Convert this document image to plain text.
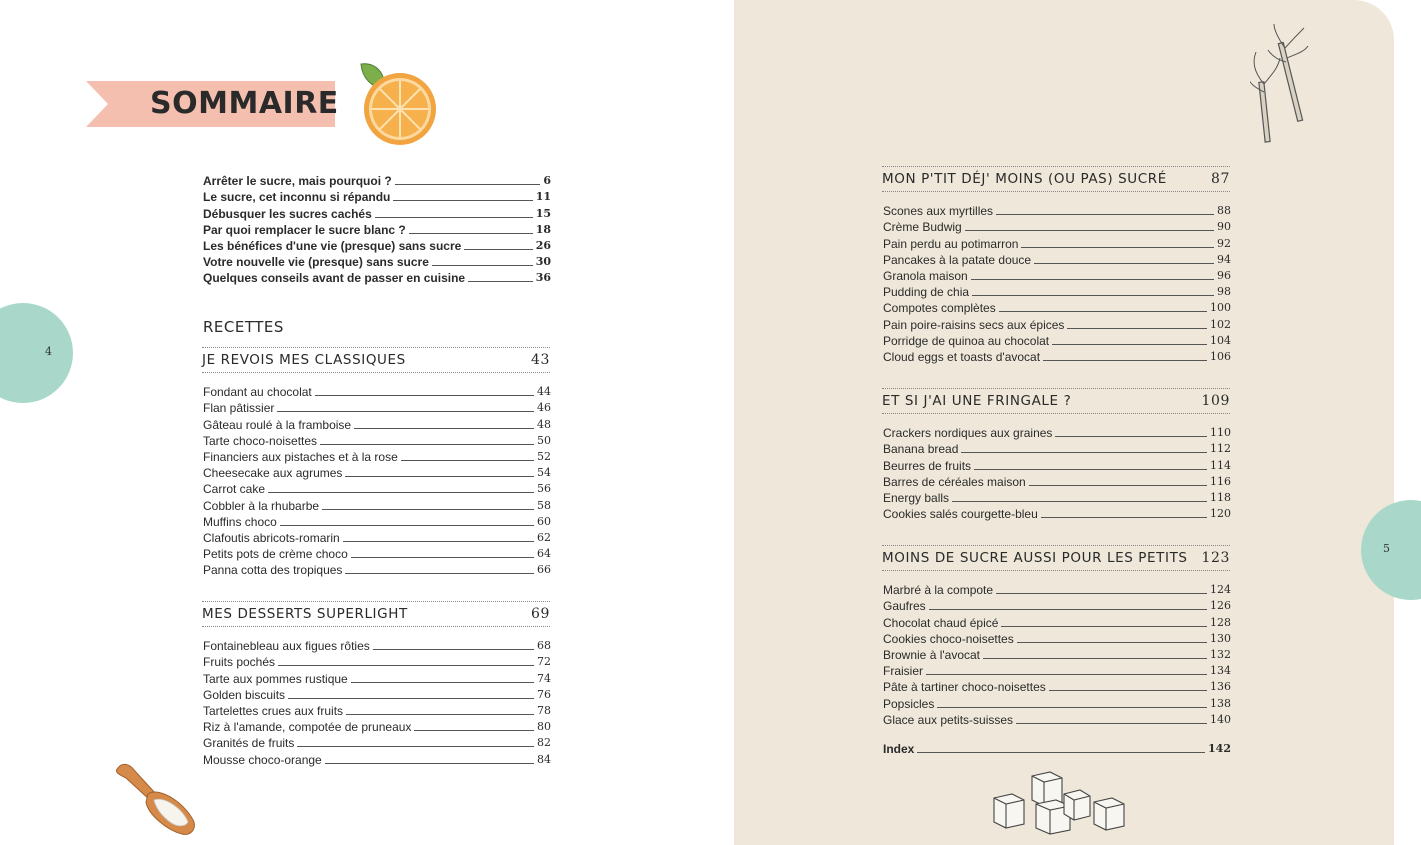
4
5
SOMMAIRE
Arrêter le sucre, mais pourquoi ?	6
Le sucre, cet inconnu si répandu	11
Débusquer les sucres cachés	15
Par quoi remplacer le sucre blanc ?	18
Les bénéfices d'une vie (presque) sans sucre	26
Votre nouvelle vie (presque) sans sucre	30
Quelques conseils avant de passer en cuisine	36
RECETTES
JE REVOIS MES CLASSIQUES	43
Fondant au chocolat	44
Flan pâtissier	46
Gâteau roulé à la framboise	48
Tarte choco-noisettes	50
Financiers aux pistaches et à la rose	52
Cheesecake aux agrumes	54
Carrot cake	56
Cobbler à la rhubarbe	58
Muffins choco	60
Clafoutis abricots-romarin	62
Petits pots de crème choco	64
Panna cotta des tropiques	66
MES DESSERTS SUPERLIGHT	69
Fontainebleau aux figues rôties	68
Fruits pochés	72
Tarte aux pommes rustique	74
Golden biscuits	76
Tartelettes crues aux fruits	78
Riz à l'amande, compotée de pruneaux	80
Granités de fruits	82
Mousse choco-orange	84
MON P'TIT DÉJ' MOINS (OU PAS) SUCRÉ	87
Scones aux myrtilles	88
Crème Budwig	90
Pain perdu au potimarron	92
Pancakes à la patate douce	94
Granola maison	96
Pudding de chia	98
Compotes complètes	100
Pain poire-raisins secs aux épices	102
Porridge de quinoa au chocolat	104
Cloud eggs et toasts d'avocat	106
ET SI J'AI UNE FRINGALE ?	109
Crackers nordiques aux graines	110
Banana bread	112
Beurres de fruits	114
Barres de céréales maison	116
Energy balls	118
Cookies salés courgette-bleu	120
MOINS DE SUCRE AUSSI POUR LES PETITS 123
Marbré à la compote	124
Gaufres	126
Chocolat chaud épicé	128
Cookies choco-noisettes	130
Brownie à l'avocat	132
Fraisier	134
Pâte à tartiner choco-noisettes	136
Popsicles	138
Glace aux petits-suisses	140
Index	142
